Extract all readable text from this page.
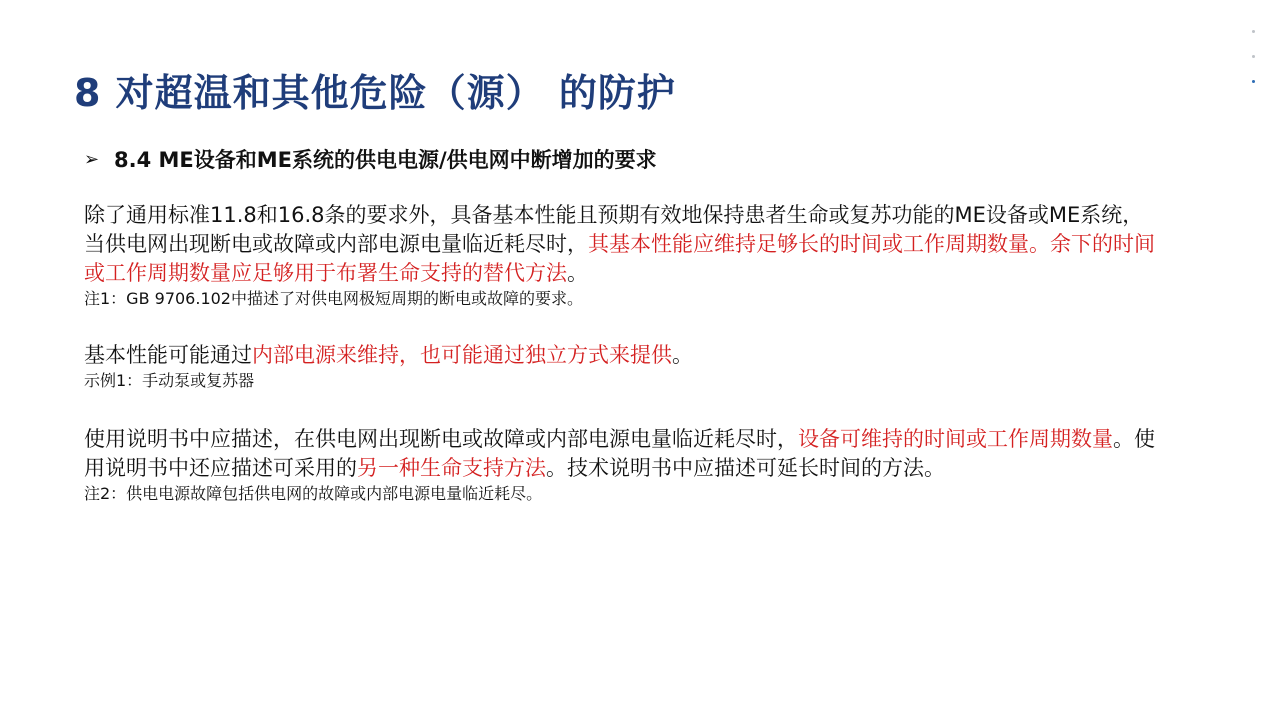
8 对超温和其他危险（源） 的防护
➢ 8.4 ME设备和ME系统的供电电源/供电网中断增加的要求

除了通用标准11.8和16.8条的要求外，具备基本性能且预期有效地保持患者生命或复苏功能的ME设备或ME系统，当供电网出现断电或故障或内部电源电量临近耗尽时，其基本性能应维持足够长的时间或工作周期数量。余下的时间或工作周期数量应足够用于布署生命支持的替代方法。

注1：GB 9706.102中描述了对供电网极短周期的断电或故障的要求。

基本性能可能通过内部电源来维持，也可能通过独立方式来提供。

示例1：手动泵或复苏器

使用说明书中应描述，在供电网出现断电或故障或内部电源电量临近耗尽时，设备可维持的时间或工作周期数量。使用说明书中还应描述可采用的另一种生命支持方法。技术说明书中应描述可延长时间的方法。

注2：供电电源故障包括供电网的故障或内部电源电量临近耗尽。
